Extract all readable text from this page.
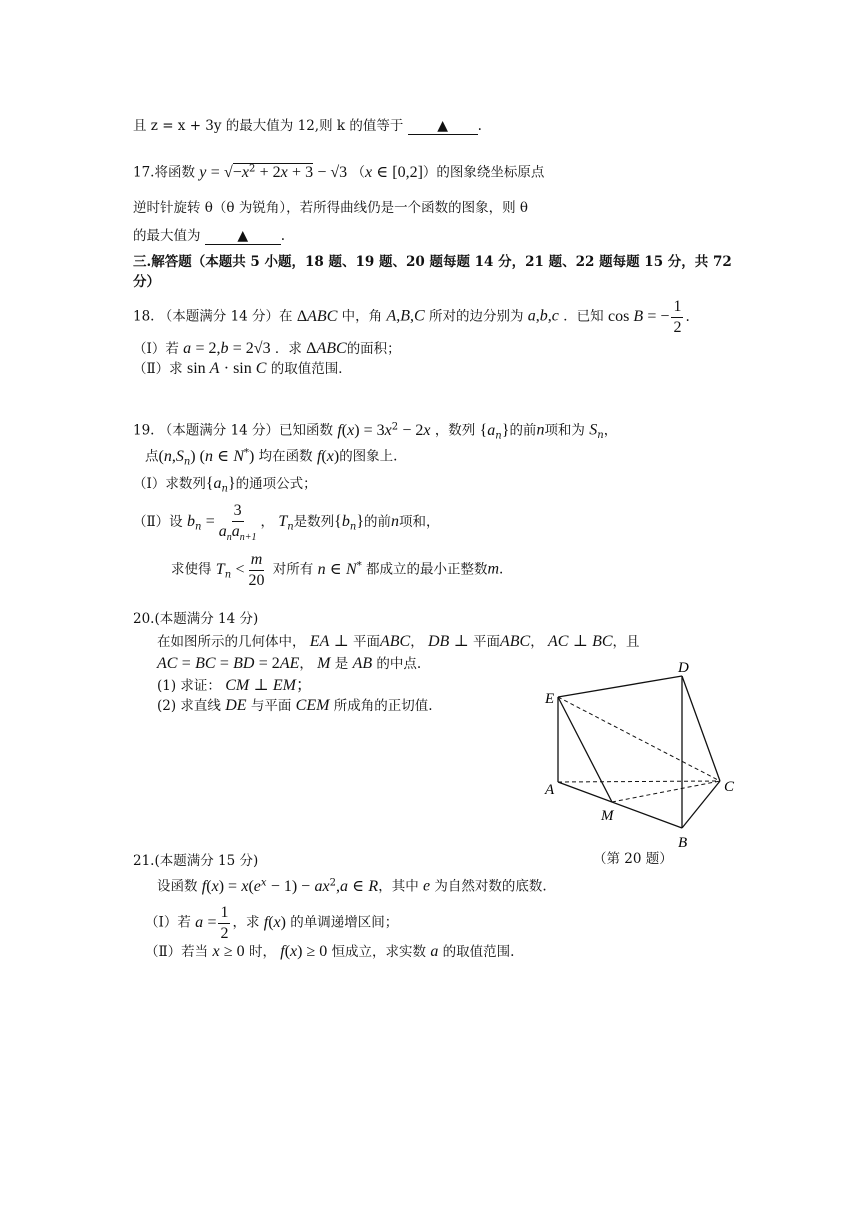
且 z = x + 3y 的最大值为 12,则 k 的值等于 ▲ .
17.将函数 $y = √-x^2 + 2x + 3 - √3$ （x ∈ [0,2]）的图象绕坐标原点
逆时针旋转 θ（θ 为锐角），若所得曲线仍是一个函数的图象，则 θ
的最大值为	▲ .
三.解答题（本题共 5 小题，18 题、19 题、20 题每题 14 分，21 题、22 题每题 15 分，共 72
分）
18. （本题满分 14 分）在 ΔABC 中，角 A,B,C 所对的边分别为 a,b,c ．已知 cos B = − $\frac{1}{2}$ .
（Ⅰ）若 a = 2,b = 2√3 ．求 ΔABC的面积；
（Ⅱ）求 sin A · sin C 的取值范围．
19. （本题满分 14 分）已知函数 $f(x) = 3x^2 - 2x$ ，数列 $\{a_n\}$的前n项和为 $S_n$，
点$(n,S_n)$ (n ∈ N*) 均在函数 f(x)的图象上.
（Ⅰ）求数列$\{a_n\}$的通项公式；
（Ⅱ）设 $b_n = \frac{3}{a_na_{n+1}}$ ， $T_n$是数列$\{b_n\}$的前n项和，
求使得 $T_n < \frac{m}{20}$ 对所有 n ∈ N* 都成立的最小正整数m.
20.(本题满分 14 分)
在如图所示的几何体中， EA ⊥ 平面ABC， DB ⊥ 平面ABC， AC ⊥ BC，且
AC = BC = BD = 2AE， M 是 AB 的中点.
(1) 求证： CM ⊥ EM；
(2) 求直线 DE 与平面 CEM 所成角的正切值.
D
E
A	C
M
B
（第 20 题）
21.(本题满分 15 分)
设函数 $f(x) = x(e^x - 1) - ax^2,a$ ∈ R，其中 e 为自然对数的底数.
（Ⅰ）若 $a = \frac{1}{2}$ ，求 f(x) 的单调递增区间；
（Ⅱ）若当 x ≥ 0 时， f(x) ≥ 0 恒成立，求实数 a 的取值范围.
